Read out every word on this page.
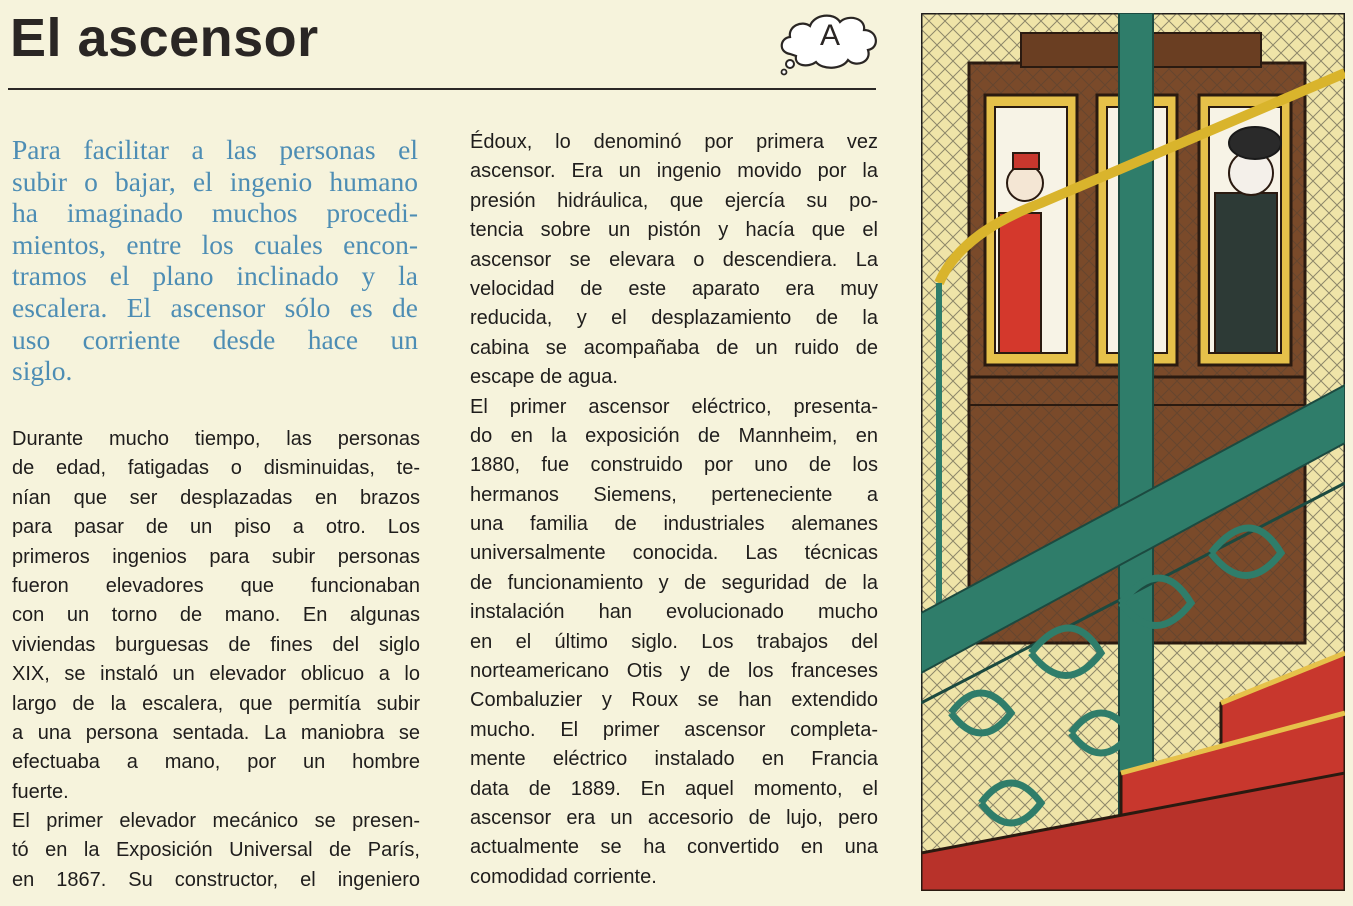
El ascensor	A
Para facilitar a las personas el
subir o bajar, el ingenio humano
ha imaginado muchos procedi-
mientos, entre los cuales encon-
tramos el plano inclinado y la
escalera. El ascensor sólo es de
uso corriente desde hace un
siglo.
Durante mucho tiempo, las personas
de edad, fatigadas o disminuidas, te-
nían que ser desplazadas en brazos
para pasar de un piso a otro. Los
primeros ingenios para subir personas
fueron elevadores que funcionaban
con un torno de mano. En algunas
viviendas burguesas de fines del siglo
XIX, se instaló un elevador oblicuo a lo
largo de la escalera, que permitía subir
a una persona sentada. La maniobra se
efectuaba a mano, por un hombre
fuerte.
El primer elevador mecánico se presen-
tó en la Exposición Universal de París,
en 1867. Su constructor, el ingeniero
Édoux, lo denominó por primera vez
ascensor. Era un ingenio movido por la
presión hidráulica, que ejercía su po-
tencia sobre un pistón y hacía que el
ascensor se elevara o descendiera. La
velocidad de este aparato era muy
reducida, y el desplazamiento de la
cabina se acompañaba de un ruido de
escape de agua.
El primer ascensor eléctrico, presenta-
do en la exposición de Mannheim, en
1880, fue construido por uno de los
hermanos Siemens, perteneciente a
una familia de industriales alemanes
universalmente conocida. Las técnicas
de funcionamiento y de seguridad de la
instalación han evolucionado mucho
en el último siglo. Los trabajos del
norteamericano Otis y de los franceses
Combaluzier y Roux se han extendido
mucho. El primer ascensor completa-
mente eléctrico instalado en Francia
data de 1889. En aquel momento, el
ascensor era un accesorio de lujo, pero
actualmente se ha convertido en una
comodidad corriente.
